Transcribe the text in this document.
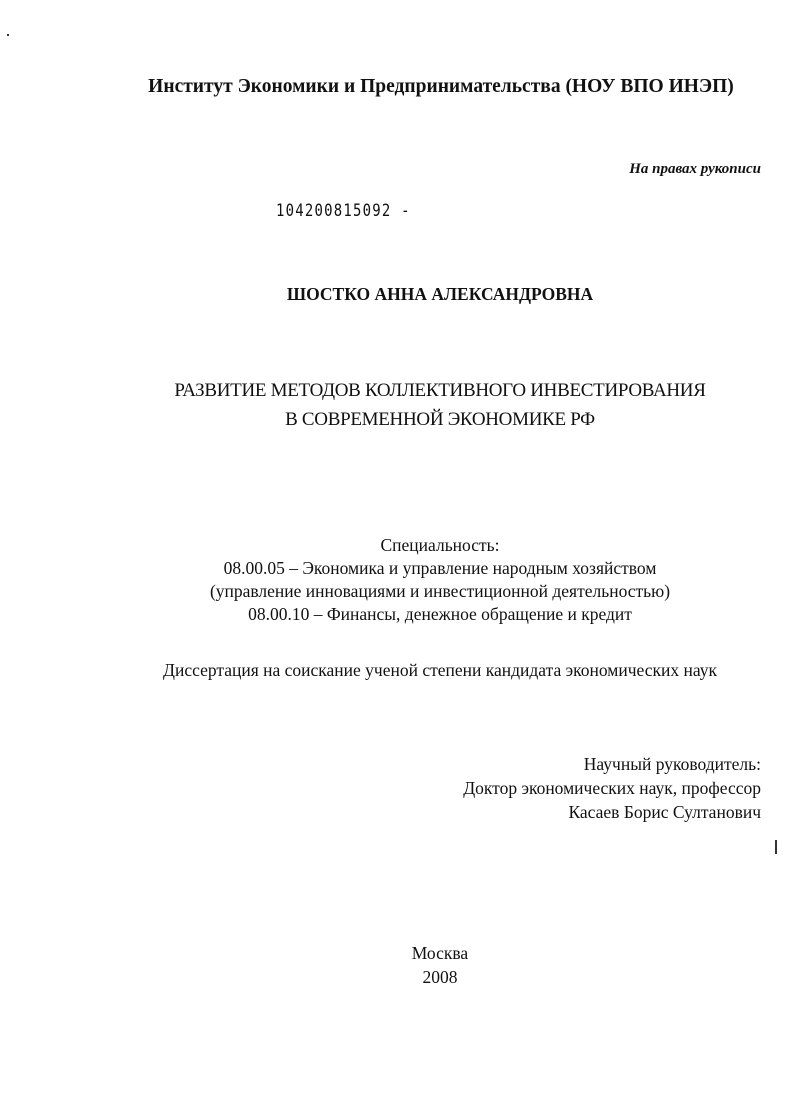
Институт Экономики и Предпринимательства (НОУ ВПО ИНЭП)
На правах рукописи
104200815092 -
ШОСТКО АННА АЛЕКСАНДРОВНА
РАЗВИТИЕ МЕТОДОВ КОЛЛЕКТИВНОГО ИНВЕСТИРОВАНИЯ
В СОВРЕМЕННОЙ ЭКОНОМИКЕ РФ
Специальность:
08.00.05 – Экономика и управление народным хозяйством
(управление инновациями и инвестиционной деятельностью)
08.00.10 – Финансы, денежное обращение и кредит
Диссертация на соискание ученой степени кандидата экономических наук
Научный руководитель:
Доктор экономических наук, профессор
Касаев Борис Султанович
Москва
2008
